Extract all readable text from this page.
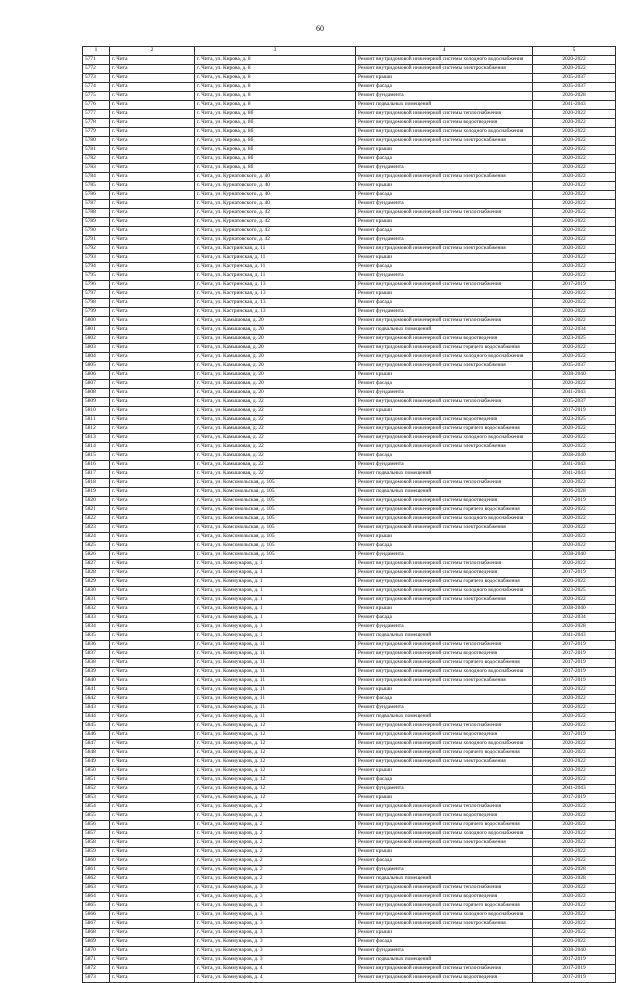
60
1	2	3	4	5
5771	г. Чита	г. Чита, ул. Кирова, д. 8	Ремонт внутридомовой инженерной системы холодного водоснабжения	2020-2022
5772	г. Чита	г. Чита, ул. Кирова, д. 8	Ремонт внутридомовой инженерной системы электроснабжения	2020-2022
5773	г. Чита	г. Чита, ул. Кирова, д. 8	Ремонт крыши	2035-2037
5774	г. Чита	г. Чита, ул. Кирова, д. 8	Ремонт фасада	2035-2037
5775	г. Чита	г. Чита, ул. Кирова, д. 8	Ремонт фундамента	2026-2028
5776	г. Чита	г. Чита, ул. Кирова, д. 8	Ремонт подвальных помещений	2041-2043
5777	г. Чита	г. Чита, ул. Кирова, д. 8б	Ремонт внутридомовой инженерной системы теплоснабжения	2020-2022
5778	г. Чита	г. Чита, ул. Кирова, д. 8б	Ремонт внутридомовой инженерной системы водоотведения	2020-2022
5779	г. Чита	г. Чита, ул. Кирова, д. 8б	Ремонт внутридомовой инженерной системы холодного водоснабжения	2020-2022
5780	г. Чита	г. Чита, ул. Кирова, д. 8б	Ремонт внутридомовой инженерной системы электроснабжения	2020-2022
5781	г. Чита	г. Чита, ул. Кирова, д. 8б	Ремонт крыши	2020-2022
5782	г. Чита	г. Чита, ул. Кирова, д. 8б	Ремонт фасада	2020-2022
5783	г. Чита	г. Чита, ул. Кирова, д. 8б	Ремонт фундамента	2020-2022
5784	г. Чита	г. Чита, ул. Курнатовского, д. 40	Ремонт внутридомовой инженерной системы электроснабжения	2020-2022
5785	г. Чита	г. Чита, ул. Курнатовского, д. 40	Ремонт крыши	2020-2022
5786	г. Чита	г. Чита, ул. Курнатовского, д. 40	Ремонт фасада	2020-2022
5787	г. Чита	г. Чита, ул. Курнатовского, д. 40	Ремонт фундамента	2020-2022
5788	г. Чита	г. Чита, ул. Курнатовского, д. 42	Ремонт внутридомовой инженерной системы теплоснабжения	2020-2022
5789	г. Чита	г. Чита, ул. Курнатовского, д. 42	Ремонт крыши	2020-2022
5790	г. Чита	г. Чита, ул. Курнатовского, д. 42	Ремонт фасада	2020-2022
5791	г. Чита	г. Чита, ул. Курнатовского, д. 42	Ремонт фундамента	2020-2022
5792	г. Чита	г. Чита, ул. Кастринская, д. 11	Ремонт внутридомовой инженерной системы электроснабжения	2020-2022
5793	г. Чита	г. Чита, ул. Кастринская, д. 11	Ремонт крыши	2020-2022
5794	г. Чита	г. Чита, ул. Кастринская, д. 11	Ремонт фасада	2020-2022
5795	г. Чита	г. Чита, ул. Кастринская, д. 11	Ремонт фундамента	2020-2022
5796	г. Чита	г. Чита, ул. Кастринская, д. 13	Ремонт внутридомовой инженерной системы теплоснабжения	2017-2019
5797	г. Чита	г. Чита, ул. Кастринская, д. 13	Ремонт крыши	2020-2022
5798	г. Чита	г. Чита, ул. Кастринская, д. 13	Ремонт фасада	2020-2022
5799	г. Чита	г. Чита, ул. Кастринская, д. 13	Ремонт фундамента	2020-2022
5800	г. Чита	г. Чита, ул. Камышовая, д. 20	Ремонт внутридомовой инженерной системы теплоснабжения	2020-2022
5801	г. Чита	г. Чита, ул. Камышовая, д. 20	Ремонт подвальных помещений	2032-2034
5802	г. Чита	г. Чита, ул. Камышовая, д. 20	Ремонт внутридомовой инженерной системы водоотведения	2023-2025
5803	г. Чита	г. Чита, ул. Камышовая, д. 20	Ремонт внутридомовой инженерной системы горячего водоснабжения	2020-2022
5804	г. Чита	г. Чита, ул. Камышовая, д. 20	Ремонт внутридомовой инженерной системы холодного водоснабжения	2020-2022
5805	г. Чита	г. Чита, ул. Камышовая, д. 20	Ремонт внутридомовой инженерной системы электроснабжения	2035-2037
5806	г. Чита	г. Чита, ул. Камышовая, д. 20	Ремонт крыши	2038-2040
5807	г. Чита	г. Чита, ул. Камышовая, д. 20	Ремонт фасада	2020-2022
5808	г. Чита	г. Чита, ул. Камышовая, д. 20	Ремонт фундамента	2041-2043
5809	г. Чита	г. Чита, ул. Камышовая, д. 22	Ремонт внутридомовой инженерной системы теплоснабжения	2035-2037
5810	г. Чита	г. Чита, ул. Камышовая, д. 22	Ремонт крыши	2017-2019
5811	г. Чита	г. Чита, ул. Камышовая, д. 22	Ремонт внутридомовой инженерной системы водоотведения	2023-2025
5812	г. Чита	г. Чита, ул. Камышовая, д. 22	Ремонт внутридомовой инженерной системы горячего водоснабжения	2020-2022
5813	г. Чита	г. Чита, ул. Камышовая, д. 22	Ремонт внутридомовой инженерной системы холодного водоснабжения	2020-2022
5814	г. Чита	г. Чита, ул. Камышовая, д. 22	Ремонт внутридомовой инженерной системы электроснабжения	2020-2022
5815	г. Чита	г. Чита, ул. Камышовая, д. 22	Ремонт фасада	2038-2040
5816	г. Чита	г. Чита, ул. Камышовая, д. 22	Ремонт фундамента	2041-2043
5817	г. Чита	г. Чита, ул. Камышовая, д. 22	Ремонт подвальных помещений	2041-2043
5818	г. Чита	г. Чита, ул. Комсомольская, д. 105	Ремонт внутридомовой инженерной системы теплоснабжения	2020-2022
5819	г. Чита	г. Чита, ул. Комсомольская, д. 105	Ремонт подвальных помещений	2026-2028
5820	г. Чита	г. Чита, ул. Комсомольская, д. 105	Ремонт внутридомовой инженерной системы водоотведения	2017-2019
5821	г. Чита	г. Чита, ул. Комсомольская, д. 105	Ремонт внутридомовой инженерной системы горячего водоснабжения	2020-2022
5822	г. Чита	г. Чита, ул. Комсомольская, д. 105	Ремонт внутридомовой инженерной системы холодного водоснабжения	2020-2022
5823	г. Чита	г. Чита, ул. Комсомольская, д. 105	Ремонт внутридомовой инженерной системы электроснабжения	2020-2022
5824	г. Чита	г. Чита, ул. Комсомольская, д. 105	Ремонт крыши	2020-2022
5825	г. Чита	г. Чита, ул. Комсомольская, д. 105	Ремонт фасада	2020-2022
5826	г. Чита	г. Чита, ул. Комсомольская, д. 105	Ремонт фундамента	2038-2040
5827	г. Чита	г. Чита, ул. Коммунаров, д. 1	Ремонт внутридомовой инженерной системы теплоснабжения	2020-2022
5828	г. Чита	г. Чита, ул. Коммунаров, д. 1	Ремонт внутридомовой инженерной системы водоотведения	2017-2019
5829	г. Чита	г. Чита, ул. Коммунаров, д. 1	Ремонт внутридомовой инженерной системы горячего водоснабжения	2020-2022
5830	г. Чита	г. Чита, ул. Коммунаров, д. 1	Ремонт внутридомовой инженерной системы холодного водоснабжения	2023-2025
5831	г. Чита	г. Чита, ул. Коммунаров, д. 1	Ремонт внутридомовой инженерной системы электроснабжения	2020-2022
5832	г. Чита	г. Чита, ул. Коммунаров, д. 1	Ремонт крыши	2038-2040
5833	г. Чита	г. Чита, ул. Коммунаров, д. 1	Ремонт фасада	2032-2034
5834	г. Чита	г. Чита, ул. Коммунаров, д. 1	Ремонт фундамента	2026-2028
5835	г. Чита	г. Чита, ул. Коммунаров, д. 1	Ремонт подвальных помещений	2041-2043
5836	г. Чита	г. Чита, ул. Коммунаров, д. 11	Ремонт внутридомовой инженерной системы теплоснабжения	2017-2019
5837	г. Чита	г. Чита, ул. Коммунаров, д. 11	Ремонт внутридомовой инженерной системы водоотведения	2017-2019
5838	г. Чита	г. Чита, ул. Коммунаров, д. 11	Ремонт внутридомовой инженерной системы горячего водоснабжения	2017-2019
5839	г. Чита	г. Чита, ул. Коммунаров, д. 11	Ремонт внутридомовой инженерной системы холодного водоснабжения	2017-2019
5840	г. Чита	г. Чита, ул. Коммунаров, д. 11	Ремонт внутридомовой инженерной системы электроснабжения	2017-2019
5841	г. Чита	г. Чита, ул. Коммунаров, д. 11	Ремонт крыши	2020-2022
5842	г. Чита	г. Чита, ул. Коммунаров, д. 11	Ремонт фасада	2020-2022
5843	г. Чита	г. Чита, ул. Коммунаров, д. 11	Ремонт фундамента	2020-2022
5844	г. Чита	г. Чита, ул. Коммунаров, д. 11	Ремонт подвальных помещений	2020-2022
5845	г. Чита	г. Чита, ул. Коммунаров, д. 12	Ремонт внутридомовой инженерной системы теплоснабжения	2020-2022
5846	г. Чита	г. Чита, ул. Коммунаров, д. 12	Ремонт внутридомовой инженерной системы водоотведения	2017-2019
5847	г. Чита	г. Чита, ул. Коммунаров, д. 12	Ремонт внутридомовой инженерной системы холодного водоснабжения	2020-2022
5848	г. Чита	г. Чита, ул. Коммунаров, д. 12	Ремонт внутридомовой инженерной системы горячего водоснабжения	2020-2022
5849	г. Чита	г. Чита, ул. Коммунаров, д. 12	Ремонт внутридомовой инженерной системы электроснабжения	2020-2022
5850	г. Чита	г. Чита, ул. Коммунаров, д. 12	Ремонт крыши	2020-2022
5851	г. Чита	г. Чита, ул. Коммунаров, д. 12	Ремонт фасада	2020-2022
5852	г. Чита	г. Чита, ул. Коммунаров, д. 12	Ремонт фундамента	2041-2043
5853	г. Чита	г. Чита, ул. Коммунаров, д. 12	Ремонт крыши	2017-2019
5854	г. Чита	г. Чита, ул. Коммунаров, д. 2	Ремонт внутридомовой инженерной системы теплоснабжения	2020-2022
5855	г. Чита	г. Чита, ул. Коммунаров, д. 2	Ремонт внутридомовой инженерной системы водоотведения	2020-2022
5856	г. Чита	г. Чита, ул. Коммунаров, д. 2	Ремонт внутридомовой инженерной системы горячего водоснабжения	2020-2022
5857	г. Чита	г. Чита, ул. Коммунаров, д. 2	Ремонт внутридомовой инженерной системы холодного водоснабжения	2020-2022
5858	г. Чита	г. Чита, ул. Коммунаров, д. 2	Ремонт внутридомовой инженерной системы электроснабжения	2020-2022
5859	г. Чита	г. Чита, ул. Коммунаров, д. 2	Ремонт крыши	2020-2022
5860	г. Чита	г. Чита, ул. Коммунаров, д. 2	Ремонт фасада	2020-2022
5861	г. Чита	г. Чита, ул. Коммунаров, д. 2	Ремонт фундамента	2026-2028
5862	г. Чита	г. Чита, ул. Коммунаров, д. 2	Ремонт подвальных помещений	2026-2028
5863	г. Чита	г. Чита, ул. Коммунаров, д. 3	Ремонт внутридомовой инженерной системы теплоснабжения	2020-2022
5864	г. Чита	г. Чита, ул. Коммунаров, д. 3	Ремонт внутридомовой инженерной системы водоотведения	2020-2022
5865	г. Чита	г. Чита, ул. Коммунаров, д. 3	Ремонт внутридомовой инженерной системы горячего водоснабжения	2020-2022
5866	г. Чита	г. Чита, ул. Коммунаров, д. 3	Ремонт внутридомовой инженерной системы холодного водоснабжения	2020-2022
5867	г. Чита	г. Чита, ул. Коммунаров, д. 3	Ремонт внутридомовой инженерной системы электроснабжения	2020-2022
5868	г. Чита	г. Чита, ул. Коммунаров, д. 3	Ремонт крыши	2020-2022
5869	г. Чита	г. Чита, ул. Коммунаров, д. 3	Ремонт фасада	2020-2022
5870	г. Чита	г. Чита, ул. Коммунаров, д. 3	Ремонт фундамента	2038-2040
5871	г. Чита	г. Чита, ул. Коммунаров, д. 3	Ремонт подвальных помещений	2017-2019
5872	г. Чита	г. Чита, ул. Коммунаров, д. 4	Ремонт внутридомовой инженерной системы теплоснабжения	2017-2019
5873	г. Чита	г. Чита, ул. Коммунаров, д. 4	Ремонт внутридомовой инженерной системы водоотведения	2017-2019
